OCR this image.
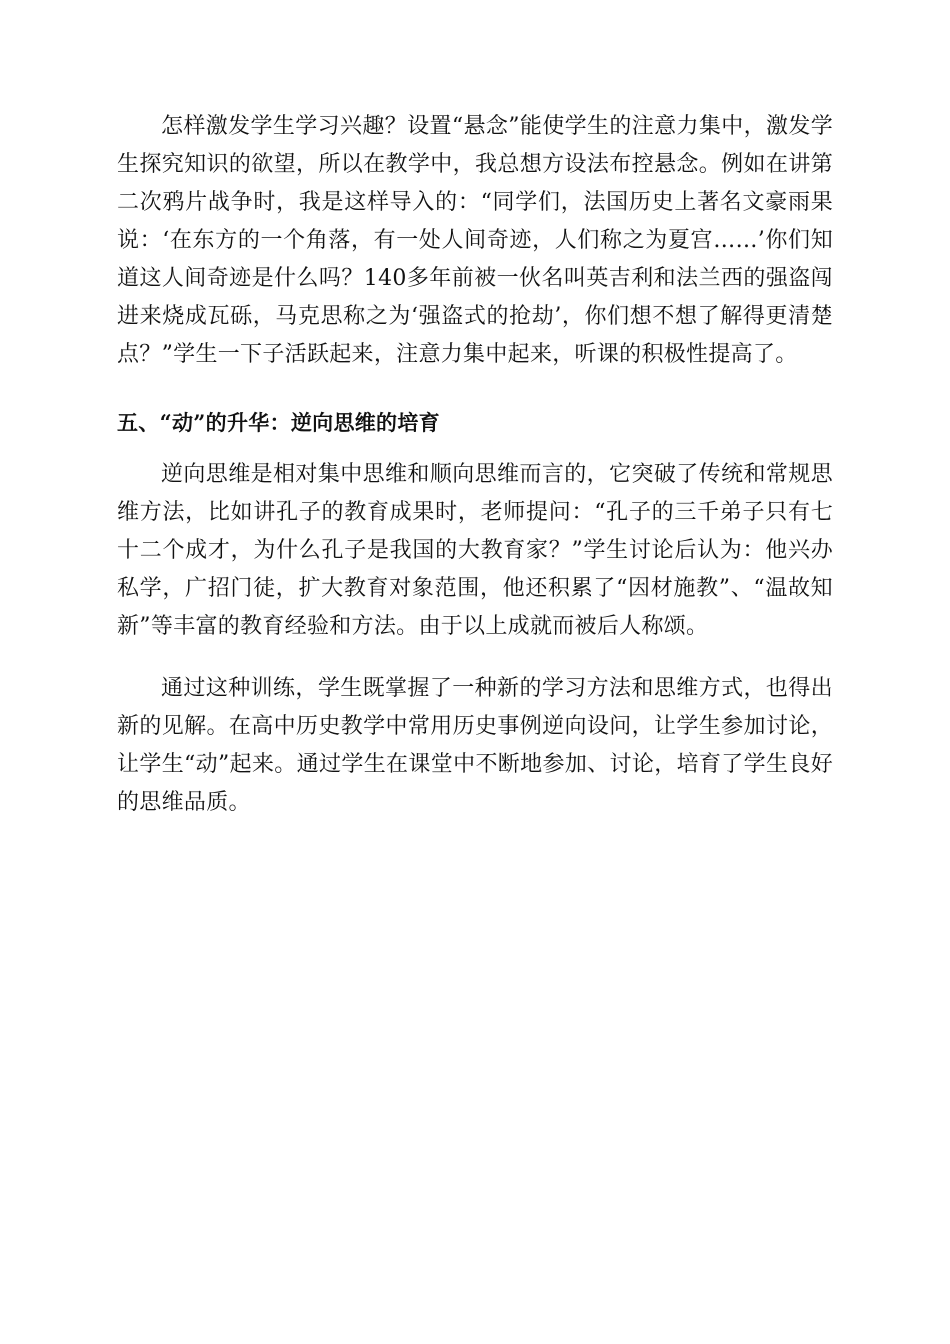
怎样激发学生学习兴趣？设置“悬念”能使学生的注意力集中，激发学生探究知识的欲望，所以在教学中，我总想方设法布控悬念。例如在讲第二次鸦片战争时，我是这样导入的：“同学们，法国历史上著名文豪雨果说：‘在东方的一个角落，有一处人间奇迹，人们称之为夏宫……’你们知道这人间奇迹是什么吗？140多年前被一伙名叫英吉利和法兰西的强盗闯进来烧成瓦砾，马克思称之为‘强盗式的抢劫’，你们想不想了解得更清楚点？”学生一下子活跃起来，注意力集中起来，听课的积极性提高了。

五、“动”的升华：逆向思维的培育

逆向思维是相对集中思维和顺向思维而言的，它突破了传统和常规思维方法，比如讲孔子的教育成果时，老师提问：“孔子的三千弟子只有七十二个成才，为什么孔子是我国的大教育家？”学生讨论后认为：他兴办私学，广招门徒，扩大教育对象范围，他还积累了“因材施教”、“温故知新”等丰富的教育经验和方法。由于以上成就而被后人称颂。

通过这种训练，学生既掌握了一种新的学习方法和思维方式，也得出新的见解。在高中历史教学中常用历史事例逆向设问，让学生参加讨论，让学生“动”起来。通过学生在课堂中不断地参加、讨论，培育了学生良好的思维品质。
